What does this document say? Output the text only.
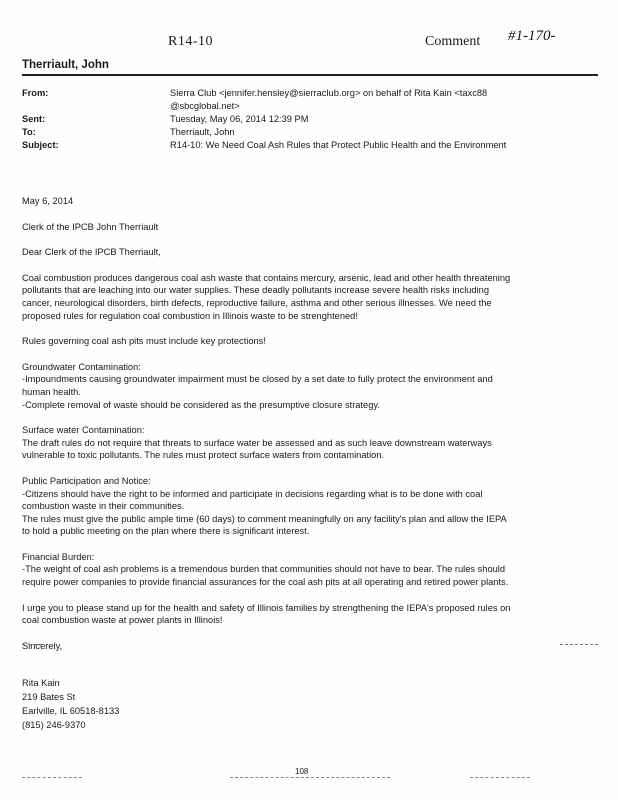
R14-10	Comment #1-170-
Therriault, John
From:	Sierra Club <jennifer.hensley@sierraclub.org> on behalf of Rita Kain <taxc88
@sbcglobal.net>
Sent:	Tuesday, May 06, 2014 12:39 PM
To:	Therriault, John
Subject:	R14-10: We Need Coal Ash Rules that Protect Public Health and the Environment

May 6, 2014

Clerk of the IPCB John Therriault

Dear Clerk of the IPCB Therriault,

Coal combustion produces dangerous coal ash waste that contains mercury, arsenic, lead and other health threatening
pollutants that are leaching into our water supplies. These deadly pollutants increase severe health risks including
cancer, neurological disorders, birth defects, reproductive failure, asthma and other serious illnesses. We need the
proposed rules for regulation coal combustion in Illinois waste to be strenghtened!

Rules governing coal ash pits must include key protections!

Groundwater Contamination:
-Impoundments causing groundwater impairment must be closed by a set date to fully protect the environment and
human health.
-Complete removal of waste should be considered as the presumptive closure strategy.

Surface water Contamination:
The draft rules do not require that threats to surface water be assessed and as such leave downstream waterways
vulnerable to toxic pollutants. The rules must protect surface waters from contamination.

Public Participation and Notice:
-Citizens should have the right to be informed and participate in decisions regarding what is to be done with coal
combustion waste in their communities.
The rules must give the public ample time (60 days) to comment meaningfully on any facility's plan and allow the IEPA
to hold a public meeting on the plan where there is significant interest.

Financial Burden:
-The weight of coal ash problems is a tremendous burden that communities should not have to bear. The rules should
require power companies to provide financial assurances for the coal ash pits at all operating and retired power plants.

I urge you to please stand up for the health and safety of Illinois families by strengthening the IEPA's proposed rules on
coal combustion waste at power plants in Illinois!

Sincerely,

Rita Kain
219 Bates St
Earlville, IL 60518-8133
(815) 246-9370
108
